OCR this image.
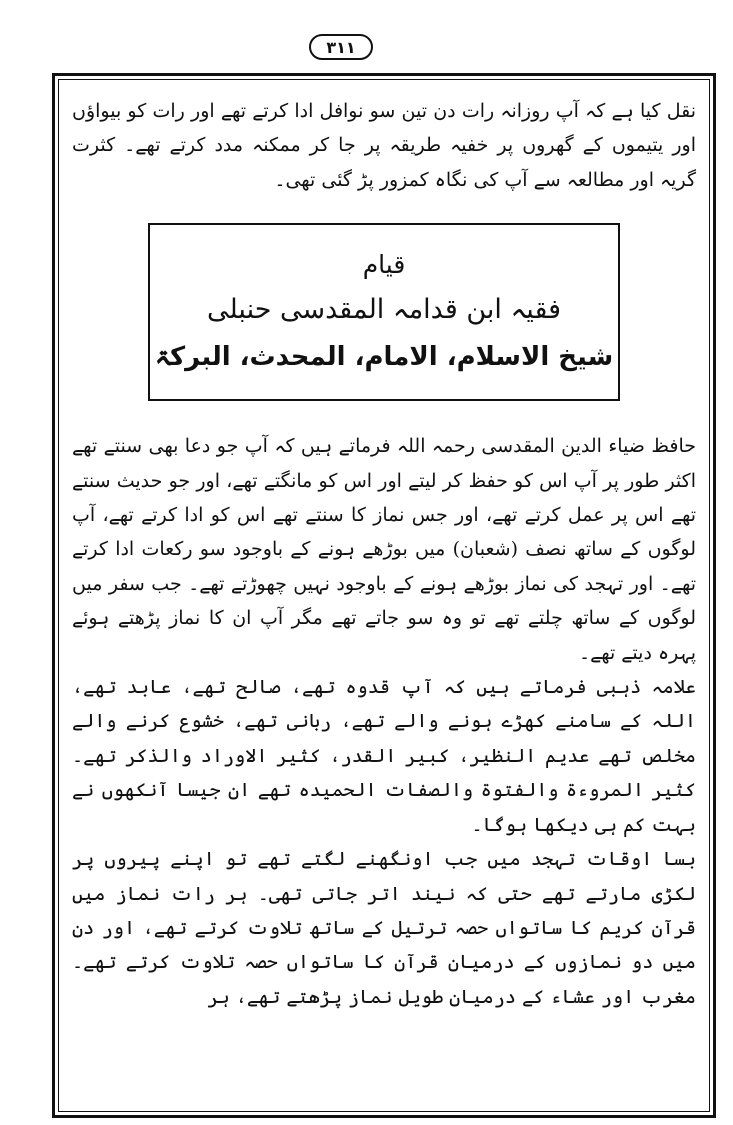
٣١١

نقل کیا ہے کہ آپ روزانہ رات دن تین سو نوافل ادا کرتے تھے اور رات کو بیواؤں اور یتیموں کے گھروں پر خفیہ طریقہ پر جا کر ممکنہ مدد کرتے تھے۔ کثرت گریہ اور مطالعہ سے آپ کی نگاہ کمزور پڑ گئی تھی۔

قیام
فقیہ ابن قدامہ المقدسی حنبلی
شیخ الاسلام، الامام، المحدث، البرکۃ

حافظ ضیاء الدین المقدسی رحمہ اللہ فرماتے ہیں کہ آپ جو دعا بھی سنتے تھے اکثر طور پر آپ اس کو حفظ کر لیتے اور اس کو مانگتے تھے، اور جو حدیث سنتے تھے اس پر عمل کرتے تھے، اور جس نماز کا سنتے تھے اس کو ادا کرتے تھے، آپ لوگوں کے ساتھ نصف (شعبان) میں بوڑھے ہونے کے باوجود سو رکعات ادا کرتے تھے۔ اور تہجد کی نماز بوڑھے ہونے کے باوجود نہیں چھوڑتے تھے۔ جب سفر میں لوگوں کے ساتھ چلتے تھے تو وہ سو جاتے تھے مگر آپ ان کا نماز پڑھتے ہوئے پہرہ دیتے تھے۔

علامہ ذہبی فرماتے ہیں کہ آپ قدوہ تھے، صالح تھے، عابد تھے، اللہ کے سامنے کھڑے ہونے والے تھے، ربانی تھے، خشوع کرنے والے مخلص تھے عدیم النظیر، کبیر القدر، کثیر الاوراد والذکر تھے۔ کثیر المروءۃ والفتوۃ والصفات الحمیدہ تھے ان جیسا آنکھوں نے بہت کم ہی دیکھا ہوگا۔

بسا اوقات تہجد میں جب اونگھنے لگتے تھے تو اپنے پیروں پر لکڑی مارتے تھے حتی کہ نیند اتر جاتی تھی۔ ہر رات نماز میں قرآن کریم کا ساتواں حصہ ترتیل کے ساتھ تلاوت کرتے تھے، اور دن میں دو نمازوں کے درمیان قرآن کا ساتواں حصہ تلاوت کرتے تھے۔ مغرب اور عشاء کے درمیان طویل نماز پڑھتے تھے، ہر
